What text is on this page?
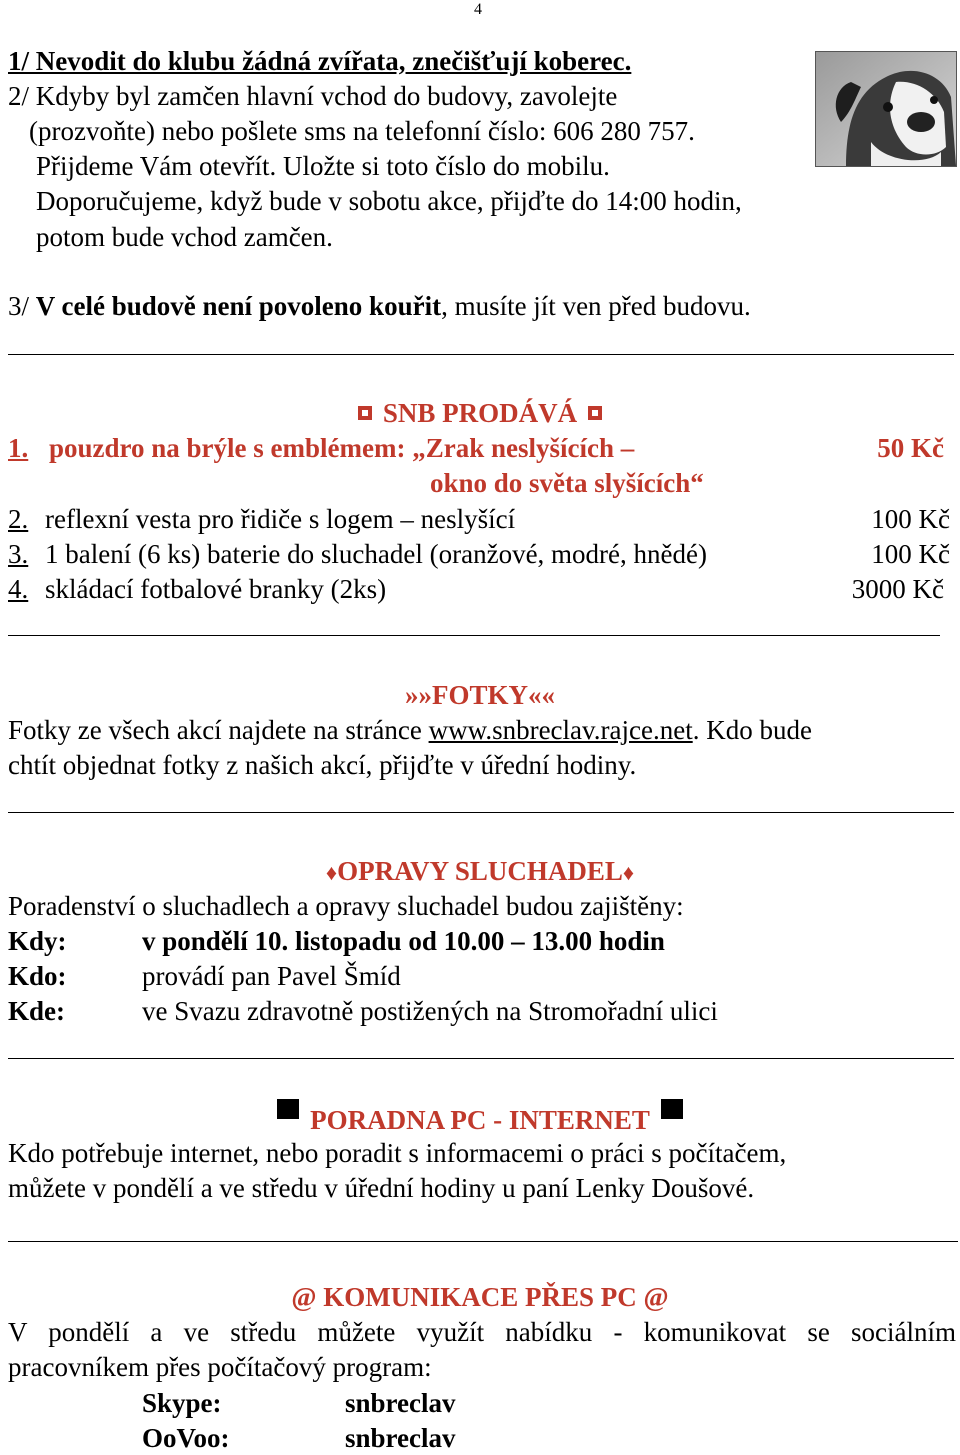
4
1/ Nevodit do klubu žádná zvířata, znečišťují koberec.
2/ Kdyby byl zamčen hlavní vchod do budovy, zavolejte
(prozvoňte) nebo pošlete sms na telefonní číslo: 606 280 757.
Přijdeme Vám otevřít. Uložte si toto číslo do mobilu.
Doporučujeme, když bude v sobotu akce, přijďte do 14:00 hodin,
potom bude vchod zamčen.
3/ V celé budově není povoleno kouřit, musíte jít ven před budovu.
SNB PRODÁVÁ
1. pouzdro na brýle s emblémem: „Zrak neslyšících –	50 Kč
okno do světa slyšících“
2. reflexní vesta pro řidiče s logem – neslyšící	100 Kč
3. 1 balení (6 ks) baterie do sluchadel (oranžové, modré, hnědé)	100 Kč
4. skládací fotbalové branky (2ks)	3000 Kč
»»FOTKY««
Fotky ze všech akcí najdete na stránce www.snbreclav.rajce.net. Kdo bude
chtít objednat fotky z našich akcí, přijďte v úřední hodiny.
♦OPRAVY SLUCHADEL♦
Poradenství o sluchadlech a opravy sluchadel budou zajištěny:
Kdy:	v pondělí 10. listopadu od 10.00 – 13.00 hodin
Kdo:	provádí pan Pavel Šmíd
Kde:	ve Svazu zdravotně postižených na Stromořadní ulici
PORADNA PC - INTERNET
Kdo potřebuje internet, nebo poradit s informacemi o práci s počítačem,
můžete v pondělí a ve středu v úřední hodiny u paní Lenky Doušové.
@ KOMUNIKACE PŘES PC @
V pondělí a ve středu můžete využít nabídku - komunikovat se sociálním
pracovníkem přes počítačový program:
Skype:	snbreclav
OoVoo:	snbreclav
